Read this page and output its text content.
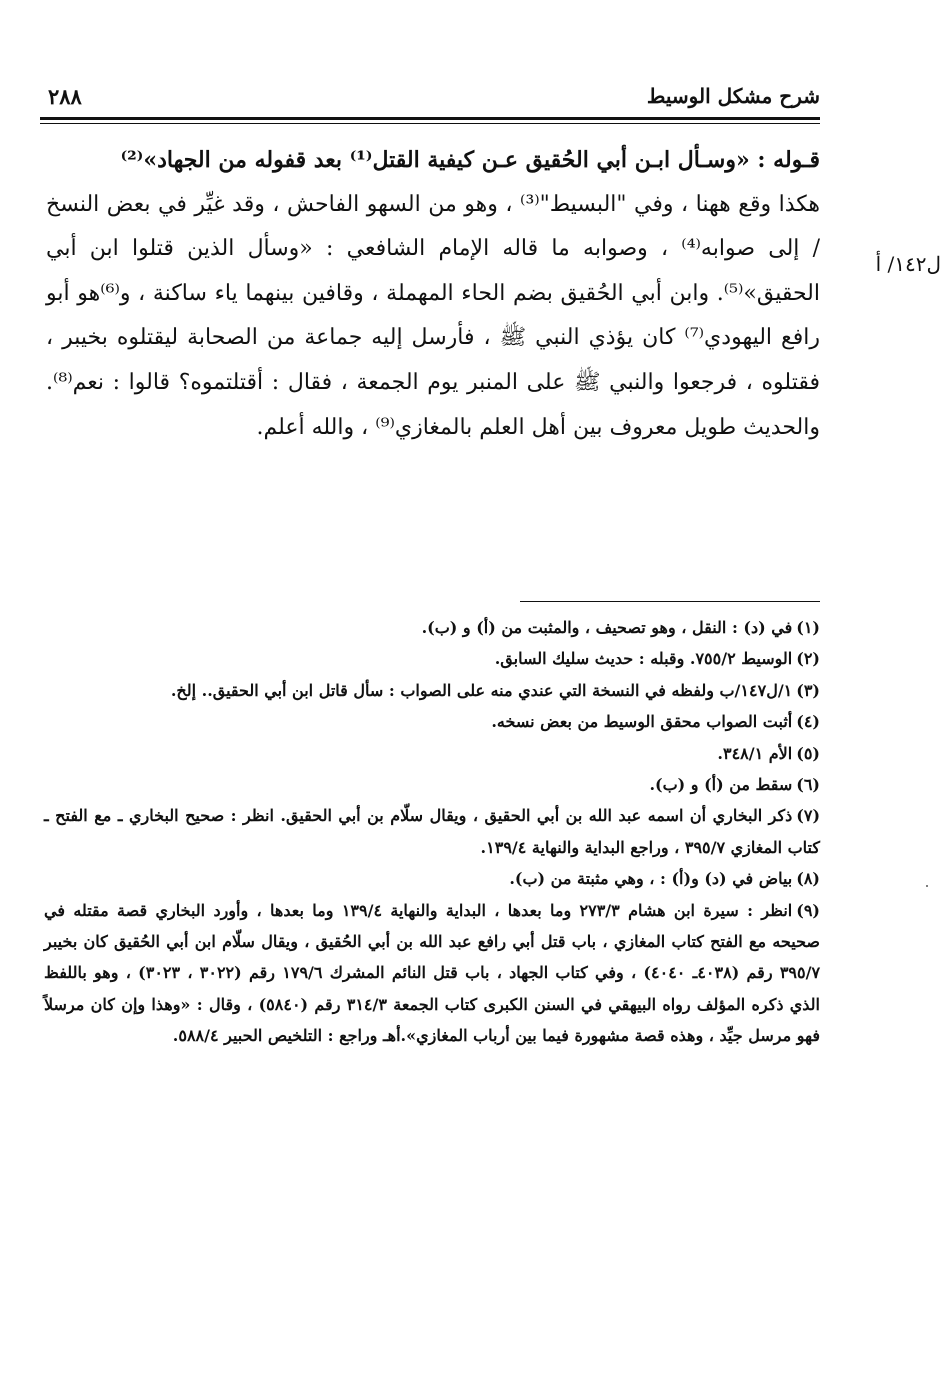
شرح مشكل الوسيط
٢٨٨
ل١٤٢/ أ

قـوله : «وسـأل ابـن أبي الحُقيق عـن كيفية القتل⁽¹⁾ بعد قفوله من الجهاد»⁽²⁾

هكذا وقع ههنا ، وفي "البسيط"⁽³⁾ ، وهو من السهو الفاحش ، وقد غيِّر في بعض النسخ / إلى صوابه⁽⁴⁾ ، وصوابه ما قاله الإمام الشافعي : «وسأل الذين قتلوا ابن أبي الحقيق»⁽⁵⁾. وابن أبي الحُقيق بضم الحاء المهملة ، وقافين بينهما ياء ساكنة ، و⁽⁶⁾هو أبو رافع اليهودي⁽⁷⁾ كان يؤذي النبي ﷺ ، فأرسل إليه جماعة من الصحابة ليقتلوه بخيبر ، فقتلوه ، فرجعوا والنبي ﷺ على المنبر يوم الجمعة ، فقال : أقتلتموه؟ قالوا : نعم⁽⁸⁾. والحديث طويل معروف بين أهل العلم بالمغازي⁽⁹⁾ ، والله أعلم.

(١)في (د) : النقل ، وهو تصحيف ، والمثبت من (أ) و (ب).

(٢)الوسيط ٧٥٥/٢. وقبله : حديث سليك السابق.

(٣)١/ل١٤٧/ب ولفظه في النسخة التي عندي منه على الصواب : سأل قاتل ابن أبي الحقيق.. إلخ.

(٤)أثبت الصواب محقق الوسيط من بعض نسخه.

(٥)الأم ٣٤٨/١.

(٦)سقط من (أ) و (ب).

(٧)ذكر البخاري أن اسمه عبد الله بن أبي الحقيق ، ويقال سلّام بن أبي الحقيق. انظر : صحيح البخاري ـ مع الفتح ـ كتاب المغازي ٣٩٥/٧ ، وراجع البداية والنهاية ١٣٩/٤.

(٨)بياض في (د) و(أ) : ، وهي مثبتة من (ب).

(٩)انظر : سيرة ابن هشام ٢٧٣/٣ وما بعدها ، البداية والنهاية ١٣٩/٤ وما بعدها ، وأورد البخاري قصة مقتله في صحيحه مع الفتح كتاب المغازي ، باب قتل أبي رافع عبد الله بن أبي الحُقيق ، ويقال سلّام ابن أبي الحُقيق كان بخيبر ٣٩٥/٧ رقم (٤٠٣٨ـ ٤٠٤٠) ، وفي كتاب الجهاد ، باب قتل النائم المشرك ١٧٩/٦ رقم (٣٠٢٢ ، ٣٠٢٣) ، وهو باللفظ الذي ذكره المؤلف رواه البيهقي في السنن الكبرى كتاب الجمعة ٣١٤/٣ رقم (٥٨٤٠) ، وقال : «وهذا وإن كان مرسلاً فهو مرسل جيِّد ، وهذه قصة مشهورة فيما بين أرباب المغازي».أهـ وراجع : التلخيص الحبير ٥٨٨/٤.
